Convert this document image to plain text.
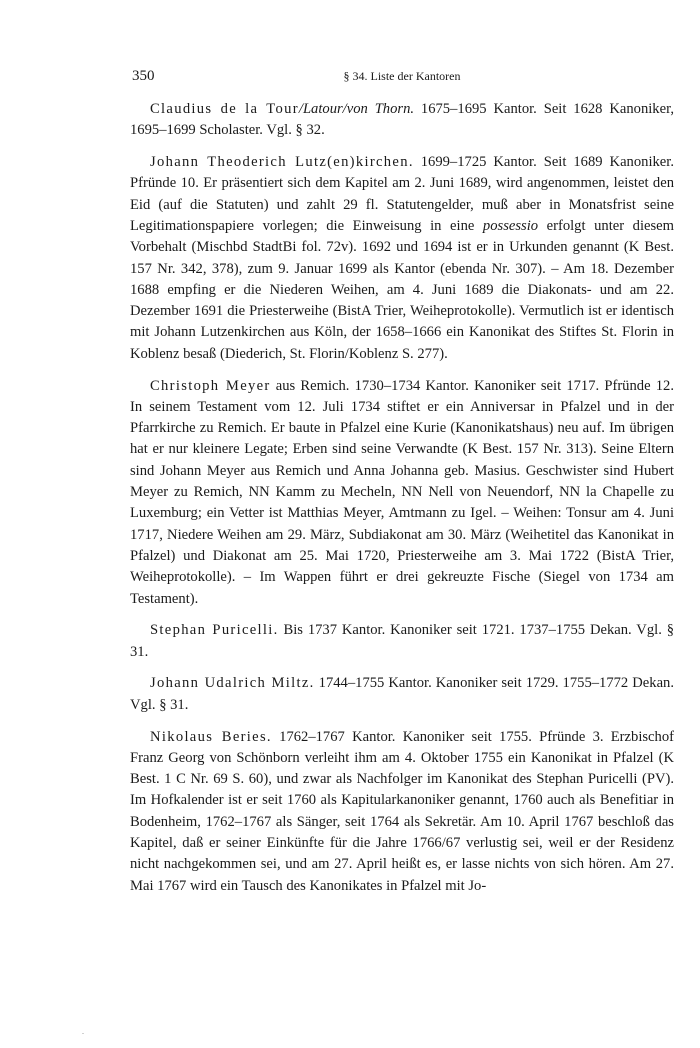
350	§ 34. Liste der Kantoren

Claudius de la Tour/Latour/von Thorn. 1675–1695 Kantor. Seit 1628 Kanoniker, 1695–1699 Scholaster. Vgl. § 32.

Johann Theoderich Lutz(en)kirchen. 1699–1725 Kantor. Seit 1689 Kanoniker. Pfründe 10. Er präsentiert sich dem Kapitel am 2. Juni 1689, wird angenommen, leistet den Eid (auf die Statuten) und zahlt 29 fl. Statutengelder, muß aber in Monatsfrist seine Legitimationspapiere vorlegen; die Einweisung in eine possessio erfolgt unter diesem Vorbehalt (Mischbd StadtBi fol. 72v). 1692 und 1694 ist er in Urkunden genannt (K Best. 157 Nr. 342, 378), zum 9. Januar 1699 als Kantor (ebenda Nr. 307). – Am 18. Dezember 1688 empfing er die Niederen Weihen, am 4. Juni 1689 die Diakonats- und am 22. Dezember 1691 die Priesterweihe (BistA Trier, Weiheprotokolle). Vermutlich ist er identisch mit Johann Lutzenkirchen aus Köln, der 1658–1666 ein Kanonikat des Stiftes St. Florin in Koblenz besaß (Diederich, St. Florin/Koblenz S. 277).

Christoph Meyer aus Remich. 1730–1734 Kantor. Kanoniker seit 1717. Pfründe 12. In seinem Testament vom 12. Juli 1734 stiftet er ein Anniversar in Pfalzel und in der Pfarrkirche zu Remich. Er baute in Pfalzel eine Kurie (Kanonikatshaus) neu auf. Im übrigen hat er nur kleinere Legate; Erben sind seine Verwandte (K Best. 157 Nr. 313). Seine Eltern sind Johann Meyer aus Remich und Anna Johanna geb. Masius. Geschwister sind Hubert Meyer zu Remich, NN Kamm zu Mecheln, NN Nell von Neuendorf, NN la Chapelle zu Luxemburg; ein Vetter ist Matthias Meyer, Amtmann zu Igel. – Weihen: Tonsur am 4. Juni 1717, Niedere Weihen am 29. März, Subdiakonat am 30. März (Weihetitel das Kanonikat in Pfalzel) und Diakonat am 25. Mai 1720, Priesterweihe am 3. Mai 1722 (BistA Trier, Weiheprotokolle). – Im Wappen führt er drei gekreuzte Fische (Siegel von 1734 am Testament).

Stephan Puricelli. Bis 1737 Kantor. Kanoniker seit 1721. 1737–1755 Dekan. Vgl. § 31.

Johann Udalrich Miltz. 1744–1755 Kantor. Kanoniker seit 1729. 1755–1772 Dekan. Vgl. § 31.

Nikolaus Beries. 1762–1767 Kantor. Kanoniker seit 1755. Pfründe 3. Erzbischof Franz Georg von Schönborn verleiht ihm am 4. Oktober 1755 ein Kanonikat in Pfalzel (K Best. 1 C Nr. 69 S. 60), und zwar als Nachfolger im Kanonikat des Stephan Puricelli (PV). Im Hofkalender ist er seit 1760 als Kapitularkanoniker genannt, 1760 auch als Benefitiar in Bodenheim, 1762–1767 als Sänger, seit 1764 als Sekretär. Am 10. April 1767 beschloß das Kapitel, daß er seiner Einkünfte für die Jahre 1766/67 verlustig sei, weil er der Residenz nicht nachgekommen sei, und am 27. April heißt es, er lasse nichts von sich hören. Am 27. Mai 1767 wird ein Tausch des Kanonikates in Pfalzel mit Jo-

.
